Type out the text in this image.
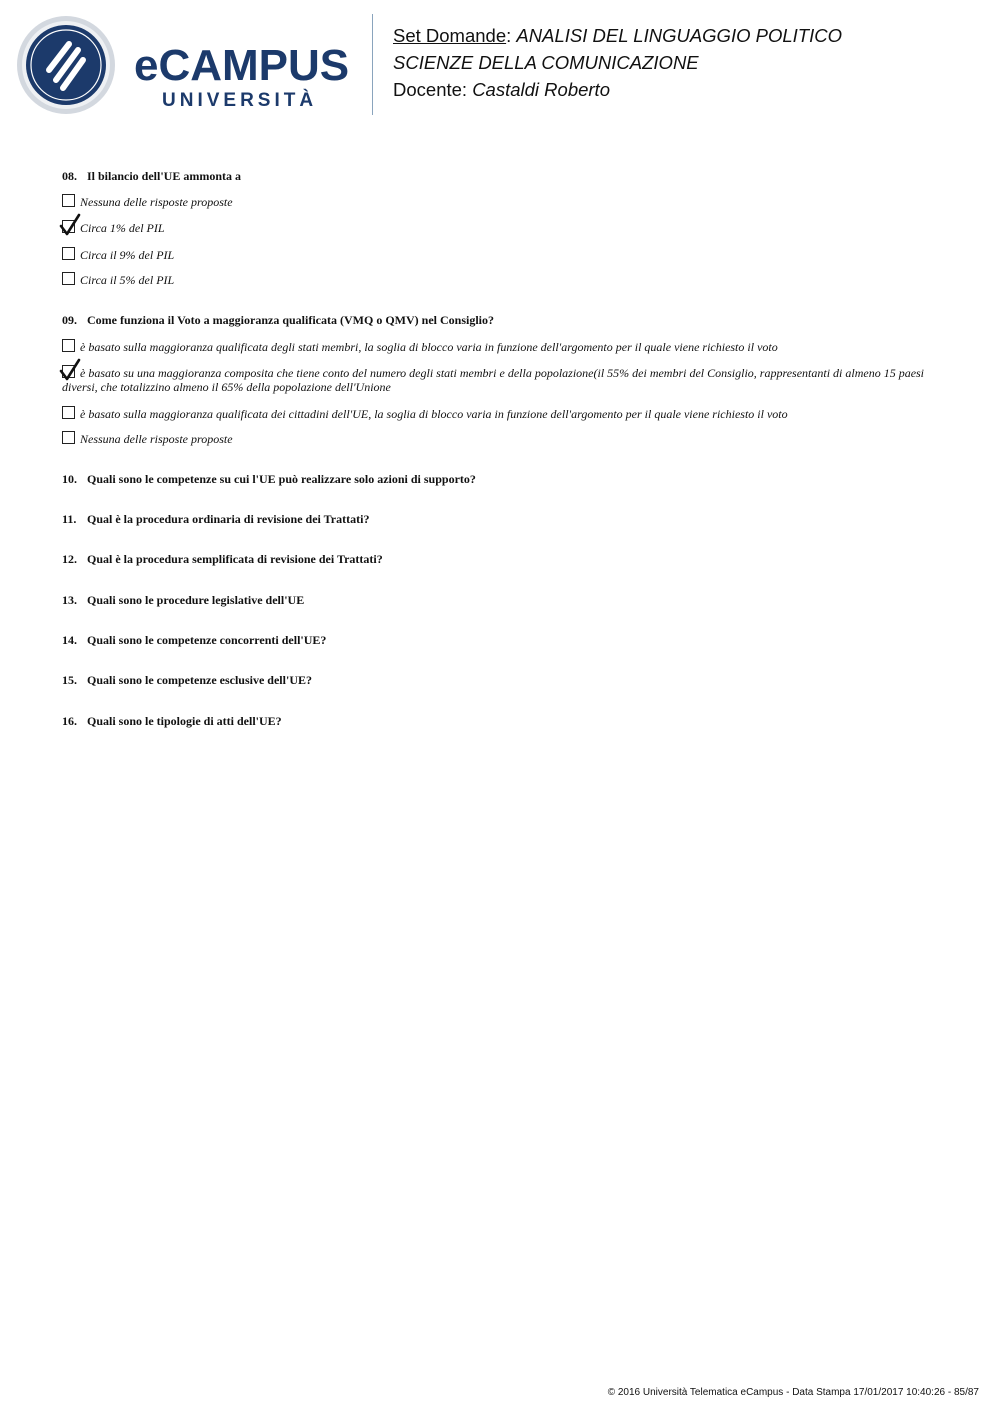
eCAMPUS
UNIVERSITÀ
Set Domande: ANALISI DEL LINGUAGGIO POLITICO
SCIENZE DELLA COMUNICAZIONE
Docente: Castaldi Roberto
08. Il bilancio dell'UE ammonta a
Nessuna delle risposte proposte
Circa 1% del PIL
Circa il 9% del PIL
Circa il 5% del PIL
09. Come funziona il Voto a maggioranza qualificata (VMQ o QMV) nel Consiglio?
è basato sulla maggioranza qualificata degli stati membri, la soglia di blocco varia in funzione dell'argomento per il quale viene richiesto il voto
è basato su una maggioranza composita che tiene conto del numero degli stati membri e della popolazione(il 55% dei membri del Consiglio, rappresentanti di almeno 15 paesi diversi, che totalizzino almeno il 65% della popolazione dell'Unione
è basato sulla maggioranza qualificata dei cittadini dell'UE, la soglia di blocco varia in funzione dell'argomento per il quale viene richiesto il voto
Nessuna delle risposte proposte
10. Quali sono le competenze su cui l'UE può realizzare solo azioni di supporto?
11. Qual è la procedura ordinaria di revisione dei Trattati?
12. Qual è la procedura semplificata di revisione dei Trattati?
13. Quali sono le procedure legislative dell'UE
14. Quali sono le competenze concorrenti dell'UE?
15. Quali sono le competenze esclusive dell'UE?
16. Quali sono le tipologie di atti dell'UE?
© 2016 Università Telematica eCampus - Data Stampa 17/01/2017 10:40:26 - 85/87
